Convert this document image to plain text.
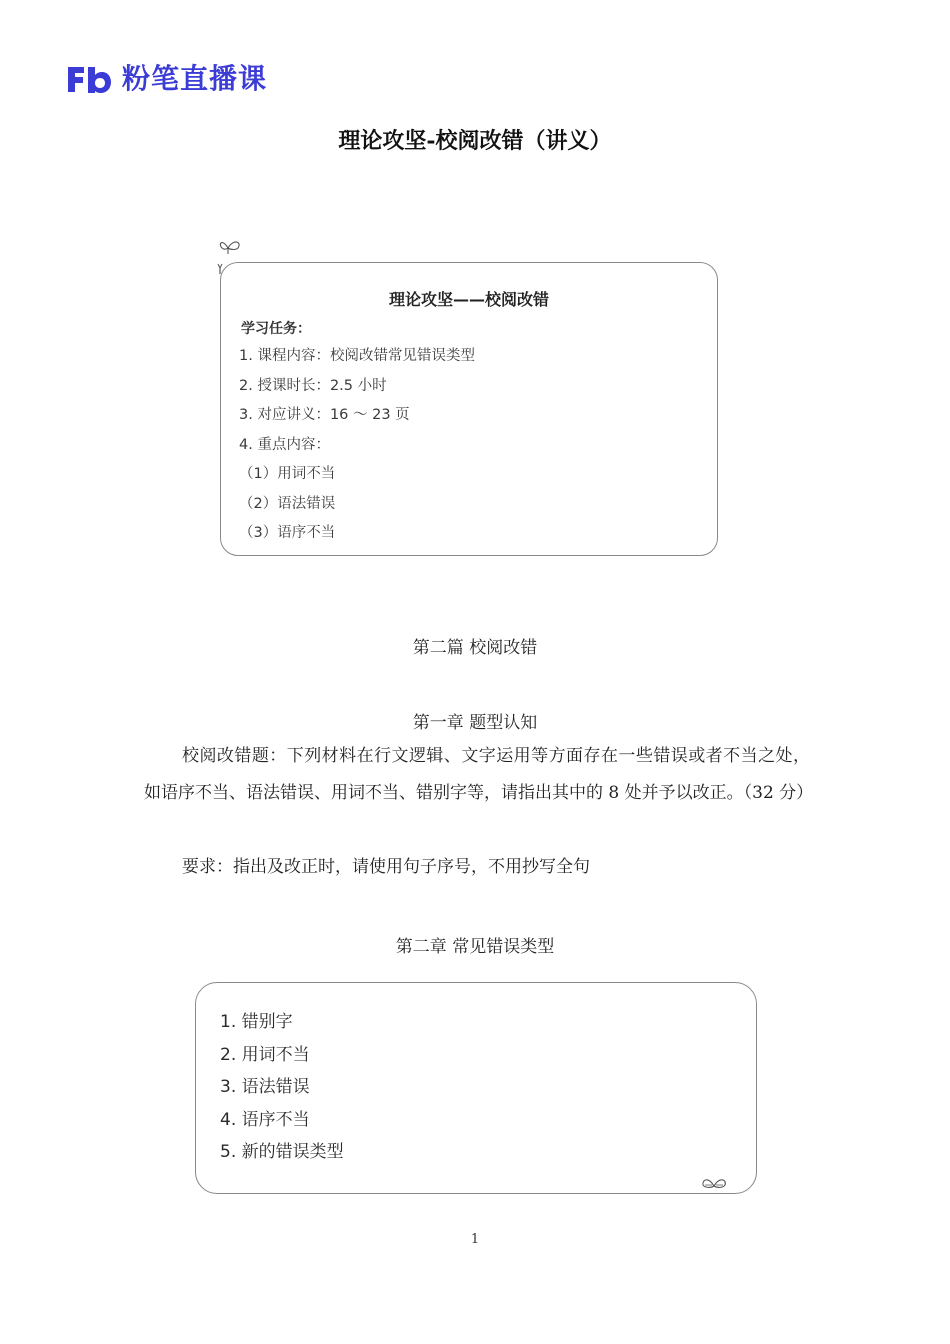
粉笔直播课
理论攻坚-校阅改错（讲义）
理论攻坚——校阅改错
学习任务：
1. 课程内容：校阅改错常见错误类型
2. 授课时长：2.5 小时
3. 对应讲义：16 ～ 23 页
4. 重点内容：
（1）用词不当
（2）语法错误
（3）语序不当
第二篇 校阅改错
第一章 题型认知

校阅改错题：下列材料在行文逻辑、文字运用等方面存在一些错误或者不当之处，如语序不当、语法错误、用词不当、错别字等，请指出其中的 8 处并予以改正。（32 分）

要求：指出及改正时，请使用句子序号，不用抄写全句

第二章 常见错误类型
1. 错别字
2. 用词不当
3. 语法错误
4. 语序不当
5. 新的错误类型
1
